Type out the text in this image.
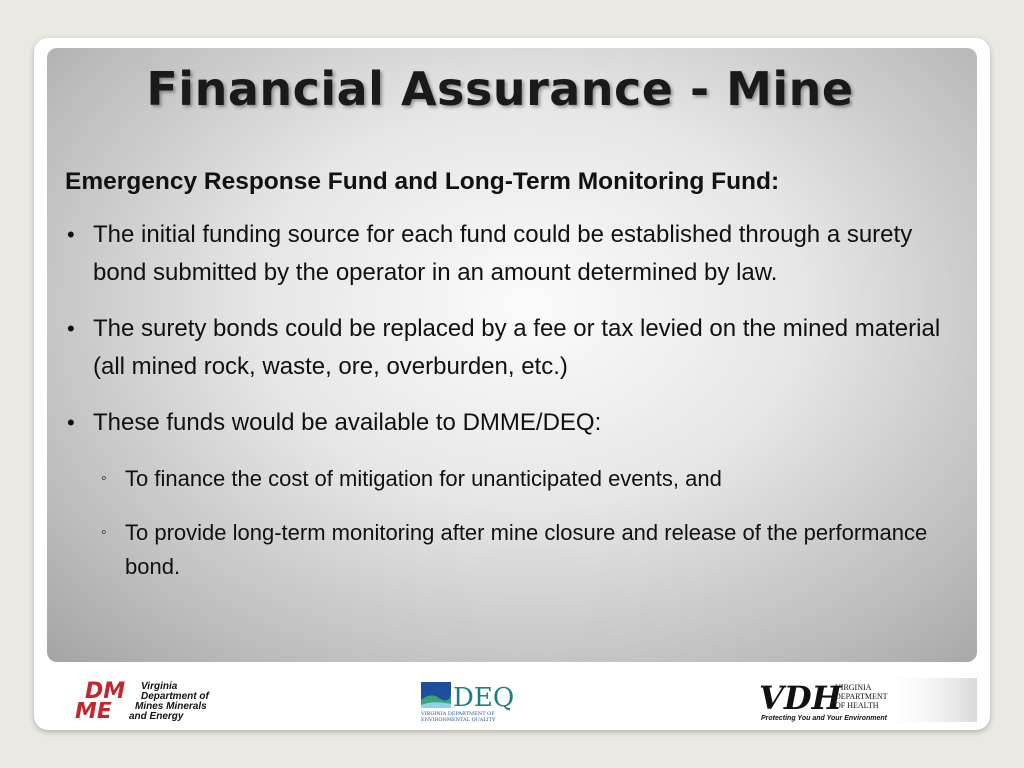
Financial Assurance - Mine

Emergency Response Fund and Long-Term Monitoring Fund:

• The initial funding source for each fund could be established through a surety bond submitted by the operator in an amount determined by law.
• The surety bonds could be replaced by a fee or tax levied on the mined material (all mined rock, waste, ore, overburden, etc.)
• These funds would be available to DMME/DEQ:
◦ To finance the cost of mitigation for unanticipated events, and
◦ To provide long-term monitoring after mine closure and release of the performance bond.
DM
ME
Virginia
Department of
Mines Minerals
and Energy
DEQ
VIRGINIA DEPARTMENT OF
ENVIRONMENTAL QUALITY
VDH
VIRGINIA
DEPARTMENT
OF HEALTH
Protecting You and Your Environment
